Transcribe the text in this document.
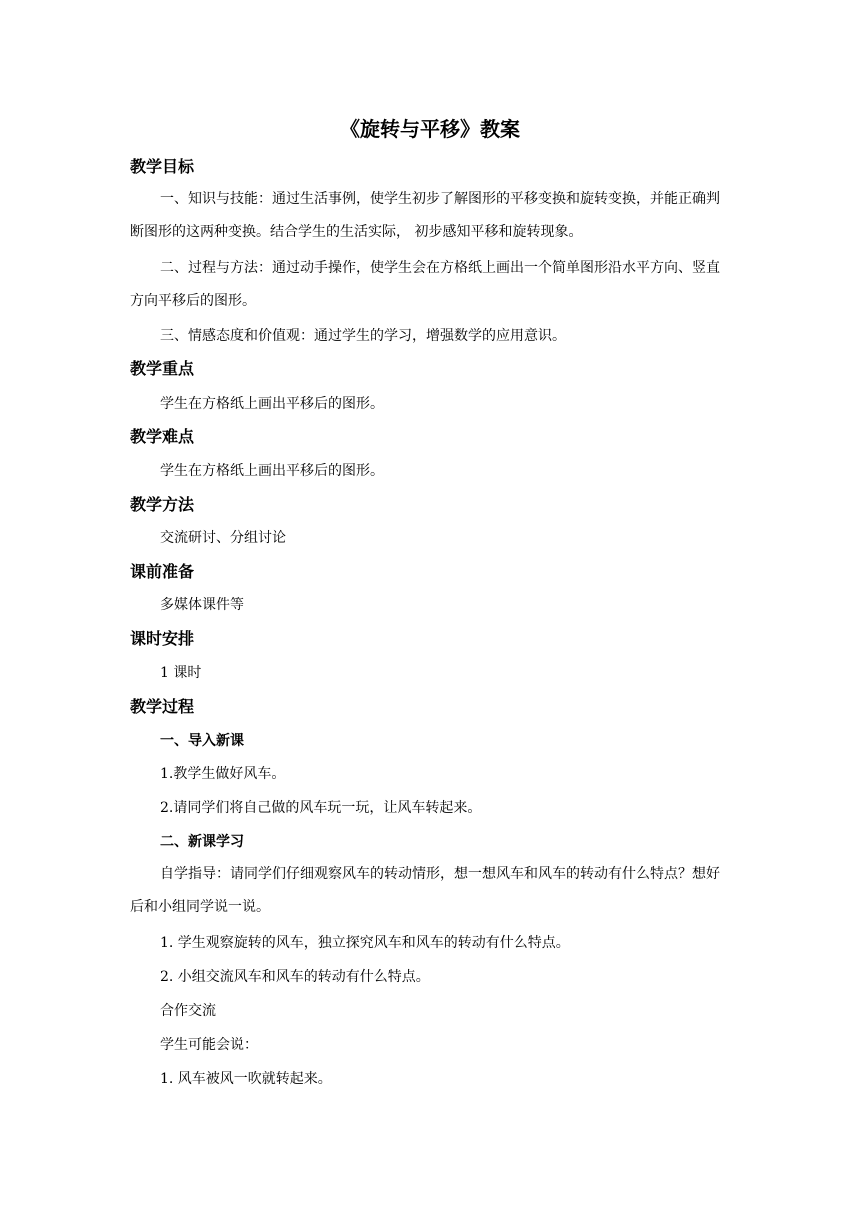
《旋转与平移》教案
教学目标

一、知识与技能：通过生活事例，使学生初步了解图形的平移变换和旋转变换，并能正确判断图形的这两种变换。结合学生的生活实际， 初步感知平移和旋转现象。

二、过程与方法：通过动手操作，使学生会在方格纸上画出一个简单图形沿水平方向、竖直方向平移后的图形。

三、情感态度和价值观：通过学生的学习，增强数学的应用意识。

教学重点
学生在方格纸上画出平移后的图形。
教学难点
学生在方格纸上画出平移后的图形。
教学方法
交流研讨、分组讨论
课前准备
多媒体课件等
课时安排
1 课时
教学过程
一、导入新课
1.教学生做好风车。
2.请同学们将自己做的风车玩一玩，让风车转起来。
二、新课学习

自学指导：请同学们仔细观察风车的转动情形，想一想风车和风车的转动有什么特点？想好后和小组同学说一说。

1. 学生观察旋转的风车，独立探究风车和风车的转动有什么特点。
2. 小组交流风车和风车的转动有什么特点。
合作交流
学生可能会说：
1. 风车被风一吹就转起来。
